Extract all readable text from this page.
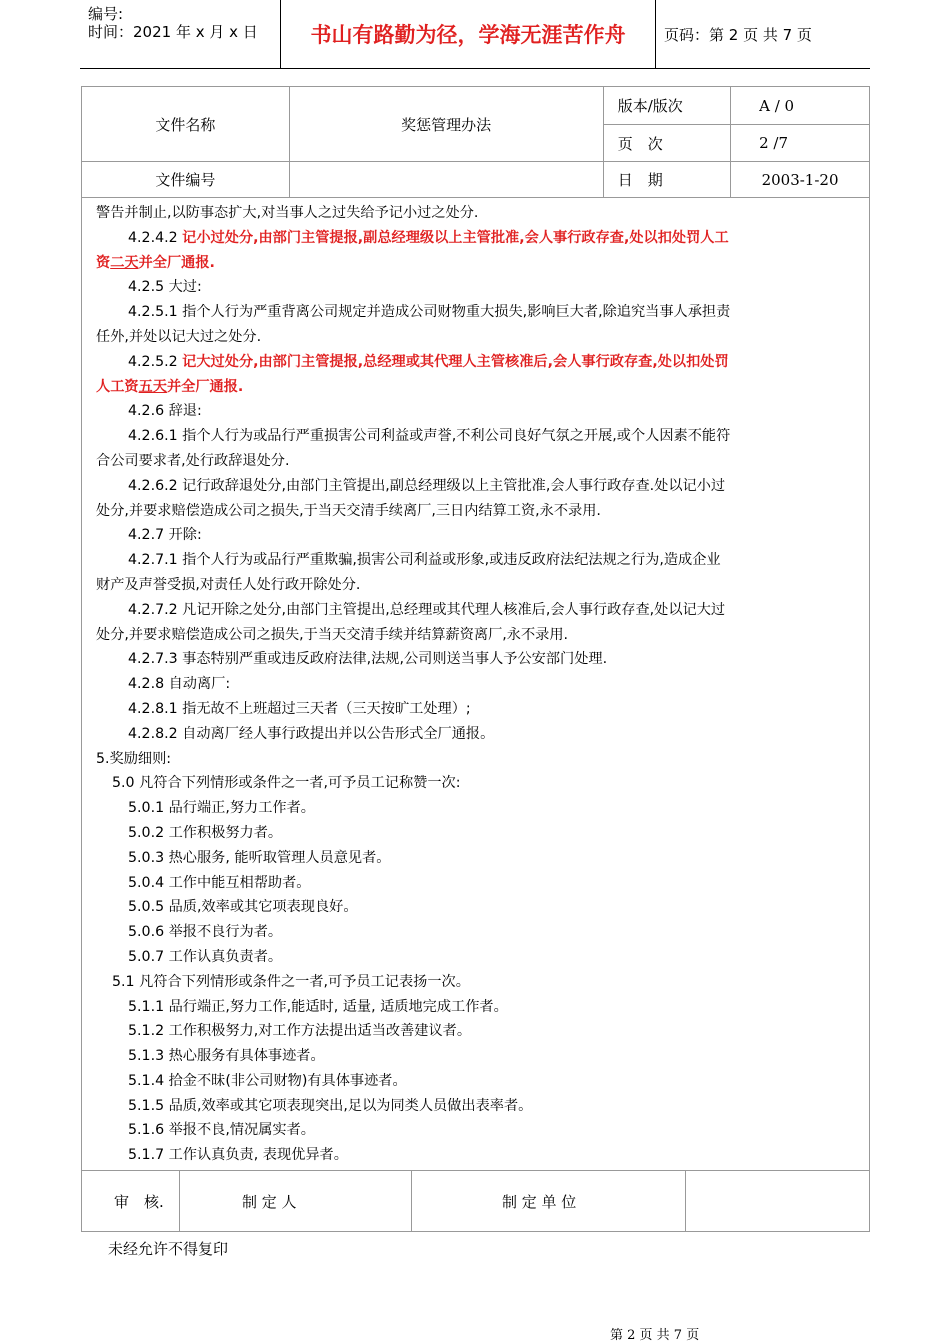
编号:
时间：2021 年 x 月 x 日	书山有路勤为径，学海无涯苦作舟	页码：第 2 页 共 7 页
文件名称	奖惩管理办法	版本/版次	A / 0
		页　次	2 /7
文件编号		日　期	2003-1-20

警告并制止,以防事态扩大,对当事人之过失给予记小过之处分.

4.2.4.2 记小过处分,由部门主管提报,副总经理级以上主管批准,会人事行政存查,处以扣处罚人工

资二天并全厂通报.

4.2.5 大过:

4.2.5.1 指个人行为严重背离公司规定并造成公司财物重大损失,影响巨大者,除追究当事人承担责

任外,并处以记大过之处分.

4.2.5.2 记大过处分,由部门主管提报,总经理或其代理人主管核准后,会人事行政存查,处以扣处罚

人工资五天并全厂通报.

4.2.6 辞退:

4.2.6.1 指个人行为或品行严重损害公司利益或声誉,不利公司良好气氛之开展,或个人因素不能符

合公司要求者,处行政辞退处分.

4.2.6.2 记行政辞退处分,由部门主管提出,副总经理级以上主管批准,会人事行政存查.处以记小过

处分,并要求赔偿造成公司之损失,于当天交清手续离厂,三日内结算工资,永不录用.

4.2.7 开除:

4.2.7.1 指个人行为或品行严重欺骗,损害公司利益或形象,或违反政府法纪法规之行为,造成企业

财产及声誉受损,对责任人处行政开除处分.

4.2.7.2 凡记开除之处分,由部门主管提出,总经理或其代理人核准后,会人事行政存查,处以记大过

处分,并要求赔偿造成公司之损失,于当天交清手续并结算薪资离厂,永不录用.

4.2.7.3 事态特别严重或违反政府法律,法规,公司则送当事人予公安部门处理.

4.2.8 自动离厂:

4.2.8.1 指无故不上班超过三天者（三天按旷工处理）;

4.2.8.2 自动离厂经人事行政提出并以公告形式全厂通报。

5.奖励细则:

5.0 凡符合下列情形或条件之一者,可予员工记称赞一次:

5.0.1 品行端正,努力工作者。

5.0.2 工作积极努力者。

5.0.3 热心服务, 能听取管理人员意见者。

5.0.4 工作中能互相帮助者。

5.0.5 品质,效率或其它项表现良好。

5.0.6 举报不良行为者。

5.0.7 工作认真负责者。

5.1 凡符合下列情形或条件之一者,可予员工记表扬一次。

5.1.1 品行端正,努力工作,能适时, 适量, 适质地完成工作者。

5.1.2 工作积极努力,对工作方法提出适当改善建议者。

5.1.3 热心服务有具体事迹者。

5.1.4 拾金不昧(非公司财物)有具体事迹者。

5.1.5 品质,效率或其它项表现突出,足以为同类人员做出表率者。

5.1.6 举报不良,情况属实者。

5.1.7 工作认真负责, 表现优异者。

审　核.	制 定 人	制 定 单 位
未经允许不得复印
第 2 页 共 7 页
